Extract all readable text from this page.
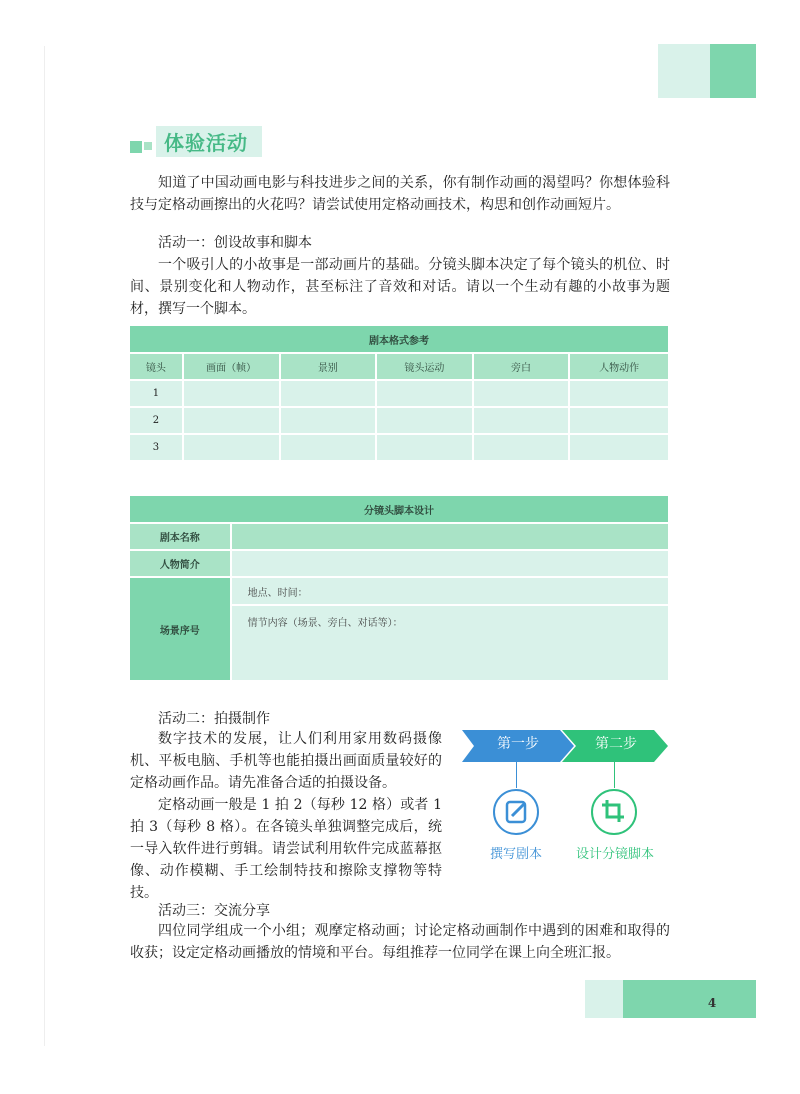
体验活动

知道了中国动画电影与科技进步之间的关系，你有制作动画的渴望吗？你想体验科技与定格动画擦出的火花吗？请尝试使用定格动画技术，构思和创作动画短片。

活动一：创设故事和脚本

一个吸引人的小故事是一部动画片的基础。分镜头脚本决定了每个镜头的机位、时间、景别变化和人物动作，甚至标注了音效和对话。请以一个生动有趣的小故事为题材，撰写一个脚本。

剧本格式参考					
镜头	画面（帧）	景别	镜头运动	旁白	人物动作
1					
2					
3					
分镜头脚本设计	
剧本名称	
人物简介	
场景序号	地点、时间：
	情节内容（场景、旁白、对话等）：

活动二：拍摄制作

数字技术的发展，让人们利用家用数码摄像机、平板电脑、手机等也能拍摄出画面质量较好的定格动画作品。请先准备合适的拍摄设备。

定格动画一般是 1 拍 2（每秒 12 格）或者 1 拍 3（每秒 8 格）。在各镜头单独调整完成后，统一导入软件进行剪辑。请尝试利用软件完成蓝幕抠像、动作模糊、手工绘制特技和擦除支撑物等特技。

第一步	第二步
撰写剧本	设计分镜脚本

活动三：交流分享

四位同学组成一个小组；观摩定格动画；讨论定格动画制作中遇到的困难和取得的收获；设定定格动画播放的情境和平台。每组推荐一位同学在课上向全班汇报。

4
